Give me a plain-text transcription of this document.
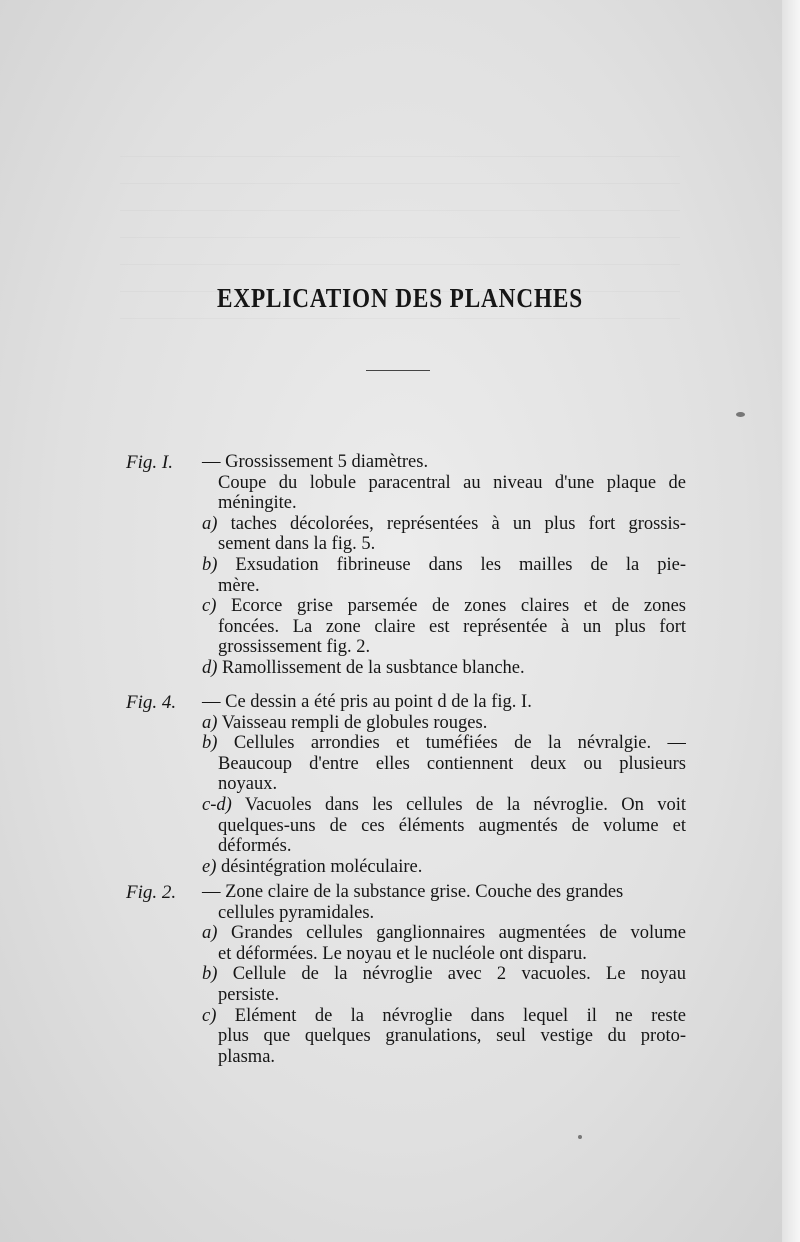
EXPLICATION DES PLANCHES
Fig. I. — Grossissement 5 diamètres.
Coupe du lobule paracentral au niveau d'une plaque de
méningite.
a) taches décolorées, représentées à un plus fort grossis-
sement dans la fig. 5.
b) Exsudation fibrineuse dans les mailles de la pie-
mère.
c) Ecorce grise parsemée de zones claires et de zones
foncées. La zone claire est représentée à un plus fort
grossissement fig. 2.
d) Ramollissement de la susbtance blanche.
Fig. 4. — Ce dessin a été pris au point d de la fig. I.
a) Vaisseau rempli de globules rouges.
b) Cellules arrondies et tuméfiées de la névralgie. —
Beaucoup d'entre elles contiennent deux ou plusieurs
noyaux.
c-d) Vacuoles dans les cellules de la névroglie. On voit
quelques-uns de ces éléments augmentés de volume et
déformés.
e) désintégration moléculaire.
Fig. 2. — Zone claire de la substance grise. Couche des grandes
cellules pyramidales.
a) Grandes cellules ganglionnaires augmentées de volume
et déformées. Le noyau et le nucléole ont disparu.
b) Cellule de la névroglie avec 2 vacuoles. Le noyau
persiste.
c) Elément de la névroglie dans lequel il ne reste
plus que quelques granulations, seul vestige du proto-
plasma.
